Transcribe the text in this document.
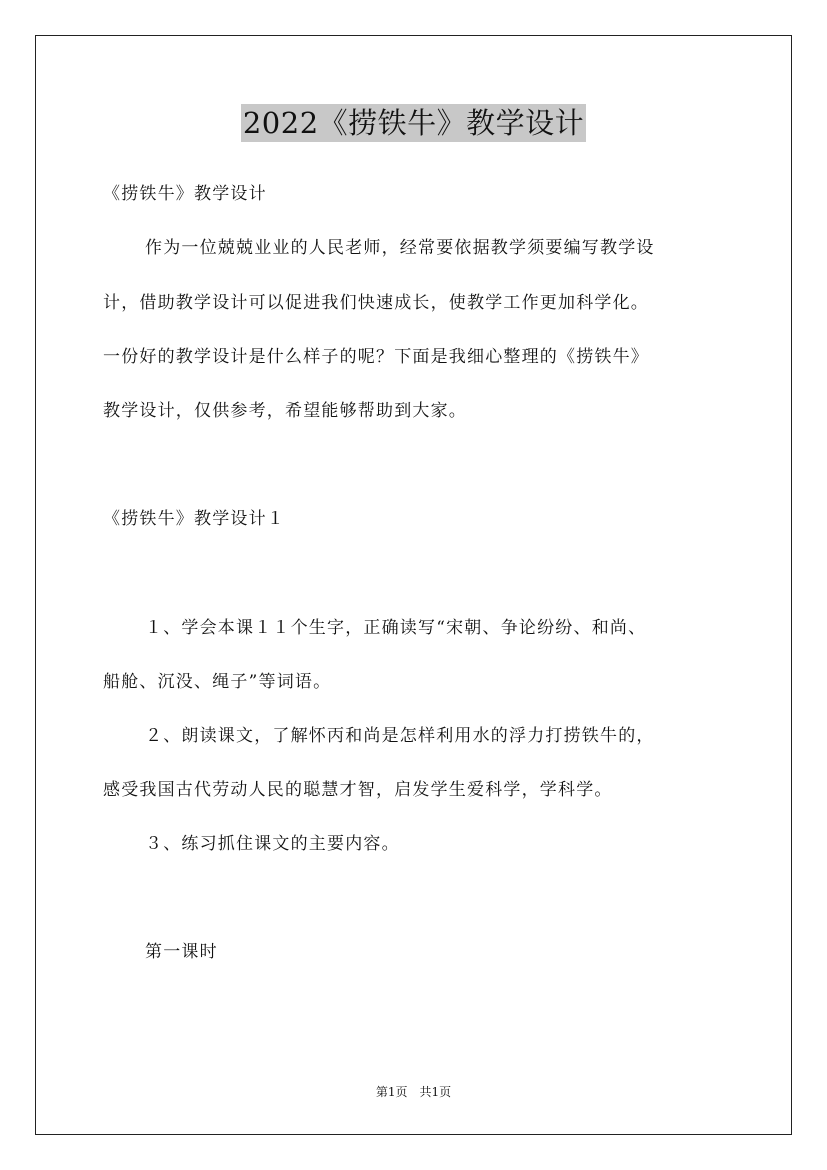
2022《捞铁牛》教学设计
《捞铁牛》教学设计
作为一位兢兢业业的人民老师，经常要依据教学须要编写教学设
计，借助教学设计可以促进我们快速成长，使教学工作更加科学化。
一份好的教学设计是什么样子的呢？下面是我细心整理的《捞铁牛》
教学设计，仅供参考，希望能够帮助到大家。
《捞铁牛》教学设计１
１、学会本课１１个生字，正确读写“宋朝、争论纷纷、和尚、
船舱、沉没、绳子”等词语。
２、朗读课文，了解怀丙和尚是怎样利用水的浮力打捞铁牛的，
感受我国古代劳动人民的聪慧才智，启发学生爱科学，学科学。
３、练习抓住课文的主要内容。
第一课时
第1页　共1页
